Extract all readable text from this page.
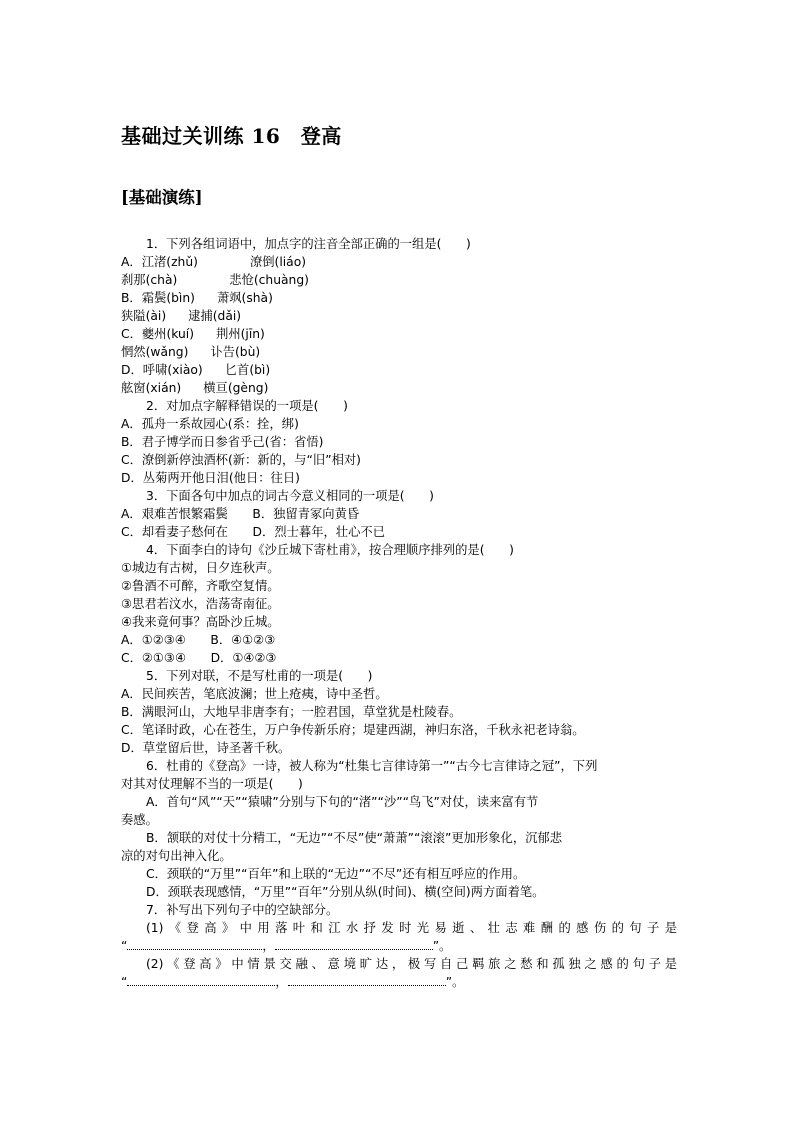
基础过关训练 16　登高
[基础演练]
1．下列各组词语中，加点字的注音全部正确的一组是(　　)
A．江渚(zhǔ)	潦倒(liáo)
刹那(chà)	悲怆(chuàng)
B．霜鬓(bìn) 萧飒(shà)
狭隘(ài) 逮捕(dǎi)
C．夔州(kuí) 荆州(jīn)
惘然(wǎng) 讣告(bù)
D．呼啸(xiào) 匕首(bì)
舷窗(xián) 横亘(gèng)
2．对加点字解释错误的一项是(　　)
A．孤舟一系故园心(系：拴，绑)
B．君子博学而日参省乎己(省：省悟)
C．潦倒新停浊酒杯(新：新的，与“旧”相对)
D．丛菊两开他日泪(他日：往日)
3．下面各句中加点的词古今意义相同的一项是(　　)
A．艰难苦恨繁霜鬓　　B．独留青冢向黄昏
C．却看妻子愁何在　　D．烈士暮年，壮心不已
4．下面李白的诗句《沙丘城下寄杜甫》，按合理顺序排列的是(　　)
①城边有古树，日夕连秋声。
②鲁酒不可醉，齐歌空复情。
③思君若汶水，浩荡寄南征。
④我来竟何事？高卧沙丘城。
A．①②③④　　B．④①②③
C．②①③④　　D．①④②③
5．下列对联，不是写杜甫的一项是(　　)
A．民间疾苦，笔底波澜；世上疮痍，诗中圣哲。
B．满眼河山，大地早非唐李有；一腔君国，草堂犹是杜陵春。
C．笔译时政，心在苍生，万户争传新乐府；堤建西湖，神归东洛，千秋永祀老诗翁。
D．草堂留后世，诗圣著千秋。
6．杜甫的《登高》一诗，被人称为“杜集七言律诗第一”“古今七言律诗之冠”，下列
对其对仗理解不当的一项是(　　)
A．首句“风”“天”“猿啸”分别与下句的“渚”“沙”“鸟飞”对仗，读来富有节
奏感。
B．颔联的对仗十分精工，“无边”“不尽”使“萧萧”“滚滚”更加形象化，沉郁悲
凉的对句出神入化。
C．颈联的“万里”“百年”和上联的“无边”“不尽”还有相互呼应的作用。
D．颈联表现感情，“万里”“百年”分别从纵(时间)、横(空间)两方面着笔。
7．补写出下列句子中的空缺部分。
(1)《登高》中用落叶和江水抒发时光易逝、壮志难酬的感伤的句子是
“	，	”。
(2)《登高》中情景交融、意境旷达，极写自己羁旅之愁和孤独之感的句子是
“	，	”。
